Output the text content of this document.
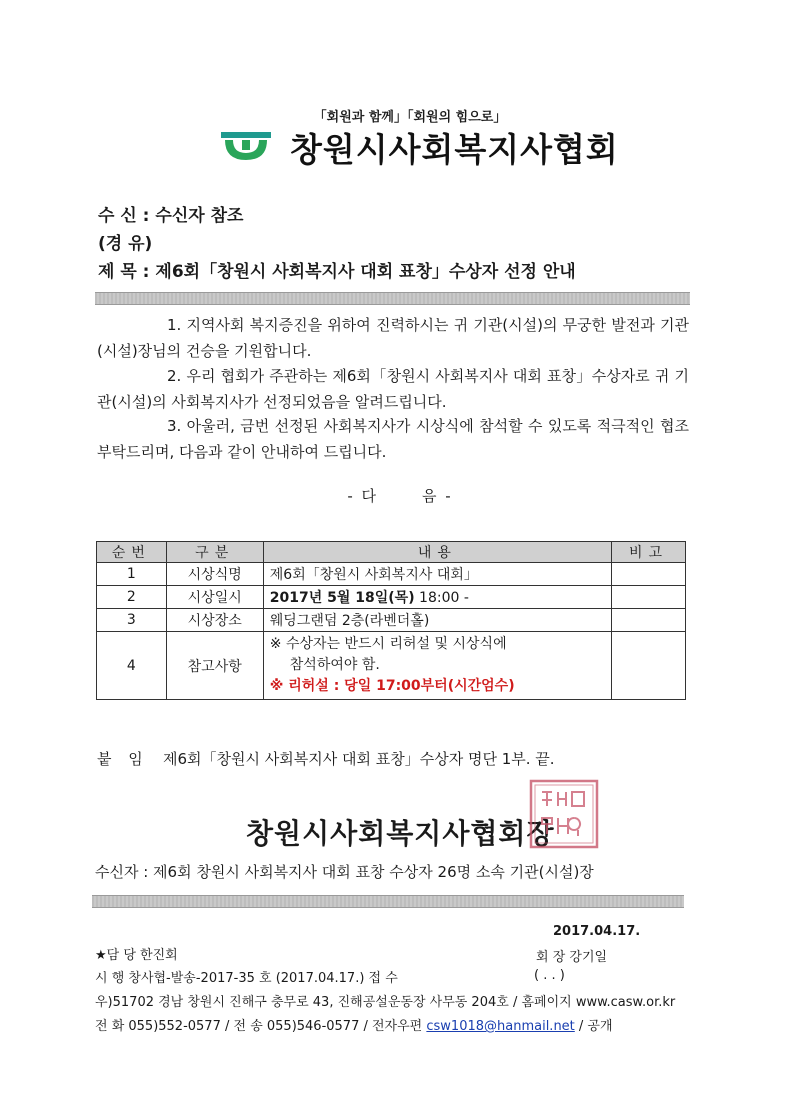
「회원과 함께」「회원의 힘으로」
창원시사회복지사협회
수 신 : 수신자 참조
(경 유)
제 목 : 제6회「창원시 사회복지사 대회 표창」수상자 선정 안내
1. 지역사회 복지증진을 위하여 진력하시는 귀 기관(시설)의 무궁한 발전과 기관(시설)장님의 건승을 기원합니다.
2. 우리 협회가 주관하는 제6회「창원시 사회복지사 대회 표창」수상자로 귀 기관(시설)의 사회복지사가 선정되었음을 알려드립니다.
3. 아울러, 금번 선정된 사회복지사가 시상식에 참석할 수 있도록 적극적인 협조 부탁드리며, 다음과 같이 안내하여 드립니다.
- 다	음 -
순번	구분	내용	비고
1	시상식명	제6회「창원시 사회복지사 대회」	
2	시상일시	2017년 5월 18일(목) 18:00 -	
3	시상장소	웨딩그랜덤 2층(라벤더홀)	
4	참고사항	※ 수상자는 반드시 리허설 및 시상식에
참석하여야 함.
※ 리허설 : 당일 17:00부터(시간엄수)	

붙 임 제6회「창원시 사회복지사 대회 표창」수상자 명단 1부. 끝.
창원시사회복지사협회장
수신자 : 제6회 창원시 사회복지사 대회 표창 수상자 26명 소속 기관(시설)장
2017.04.17.
회 장 강기일
( . . )
★담 당 한진회
시 행 창사협-발송-2017-35 호 (2017.04.17.) 접 수
우)51702 경남 창원시 진해구 충무로 43, 진해공설운동장 사무동 204호 / 홈페이지 www.casw.or.kr
전 화 055)552-0577 / 전 송 055)546-0577 / 전자우편 csw1018@hanmail.net / 공개
